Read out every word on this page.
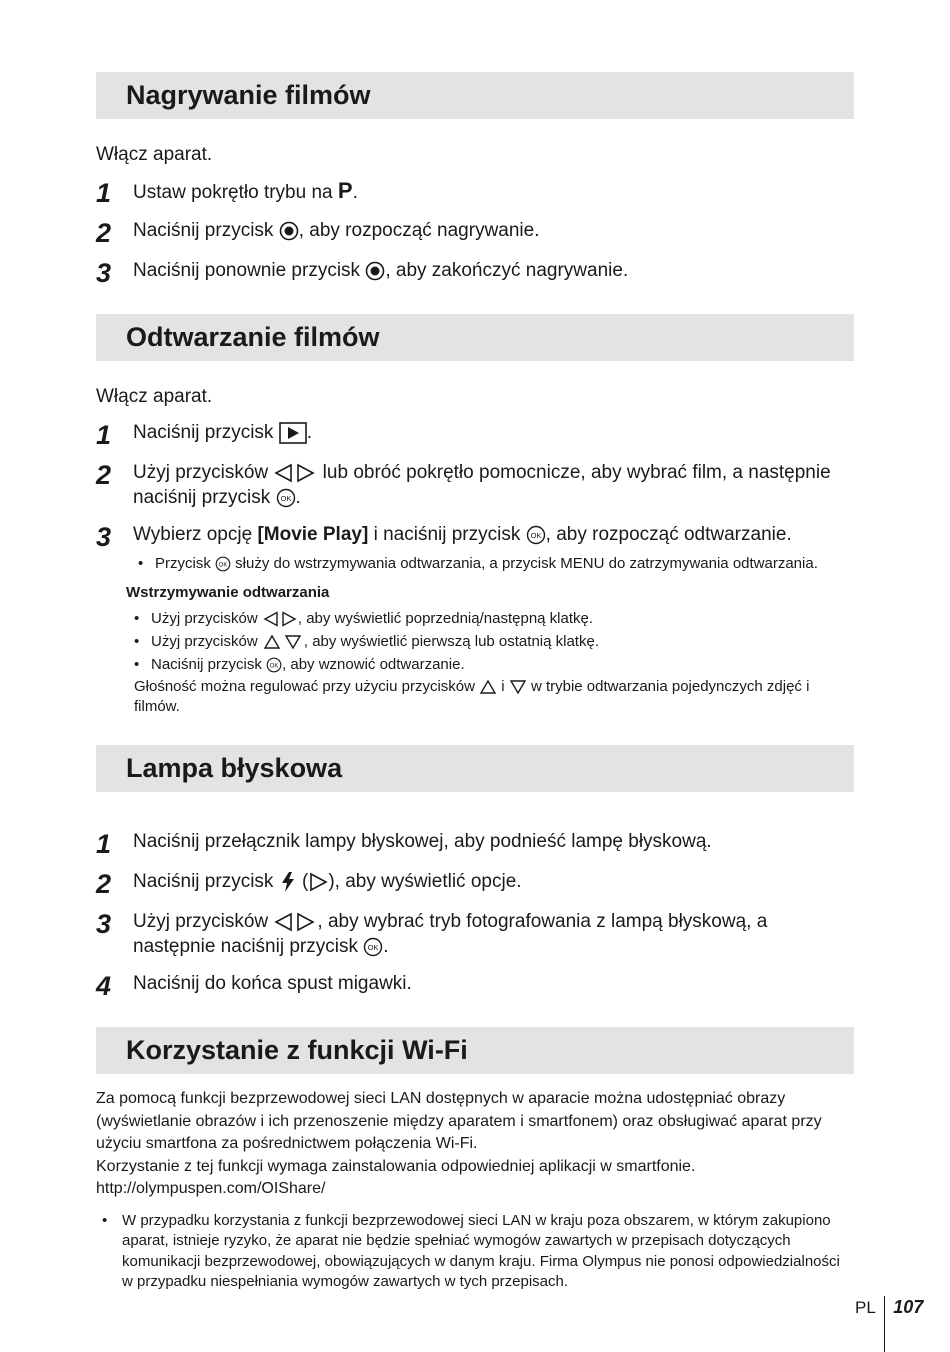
Nagrywanie filmów
Włącz aparat.
1	Ustaw pokrętło trybu na P.
2	Naciśnij przycisk
, aby rozpocząć nagrywanie.
3	Naciśnij ponownie przycisk
, aby zakończyć nagrywanie.
Odtwarzanie filmów
Włącz aparat.
1	Naciśnij przycisk
.
2	Użyj przycisków
lub obróć pokrętło pomocnicze, aby wybrać film, a następnie naciśnij przycisk OK .
3	Wybierz opcję [Movie Play] i naciśnij przycisk OK , aby rozpocząć odtwarzanie.
• Przycisk OK służy do wstrzymywania odtwarzania, a przycisk MENU do zatrzymywania odtwarzania.
Wstrzymywanie odtwarzania
• Użyj przycisków
, aby wyświetlić poprzednią/następną klatkę.
• Użyj przycisków	, aby wyświetlić pierwszą lub ostatnią klatkę.
• Naciśnij przycisk OK , aby wznowić odtwarzanie.
Głośność można regulować przy użyciu przycisków
i
w trybie odtwarzania pojedynczych zdjęć i filmów.
Lampa błyskowa
1	Naciśnij przełącznik lampy błyskowej, aby podnieść lampę błyskową.
2	Naciśnij przycisk
( ), aby wyświetlić opcje.
3	Użyj przycisków
, aby wybrać tryb fotografowania z lampą błyskową, a następnie naciśnij przycisk OK .
4	Naciśnij do końca spust migawki.
Korzystanie z funkcji Wi-Fi
Za pomocą funkcji bezprzewodowej sieci LAN dostępnych w aparacie można udostępniać obrazy (wyświetlanie obrazów i ich przenoszenie między aparatem i smartfonem) oraz obsługiwać aparat przy użyciu smartfona za pośrednictwem połączenia Wi-Fi.
Korzystanie z tej funkcji wymaga zainstalowania odpowiedniej aplikacji w smartfonie.
http://olympuspen.com/OIShare/
• W przypadku korzystania z funkcji bezprzewodowej sieci LAN w kraju poza obszarem, w którym zakupiono aparat, istnieje ryzyko, że aparat nie będzie spełniać wymogów zawartych w przepisach dotyczących komunikacji bezprzewodowej, obowiązujących w danym kraju. Firma Olympus nie ponosi odpowiedzialności w przypadku niespełniania wymogów zawartych w tych przepisach.
PL 107
